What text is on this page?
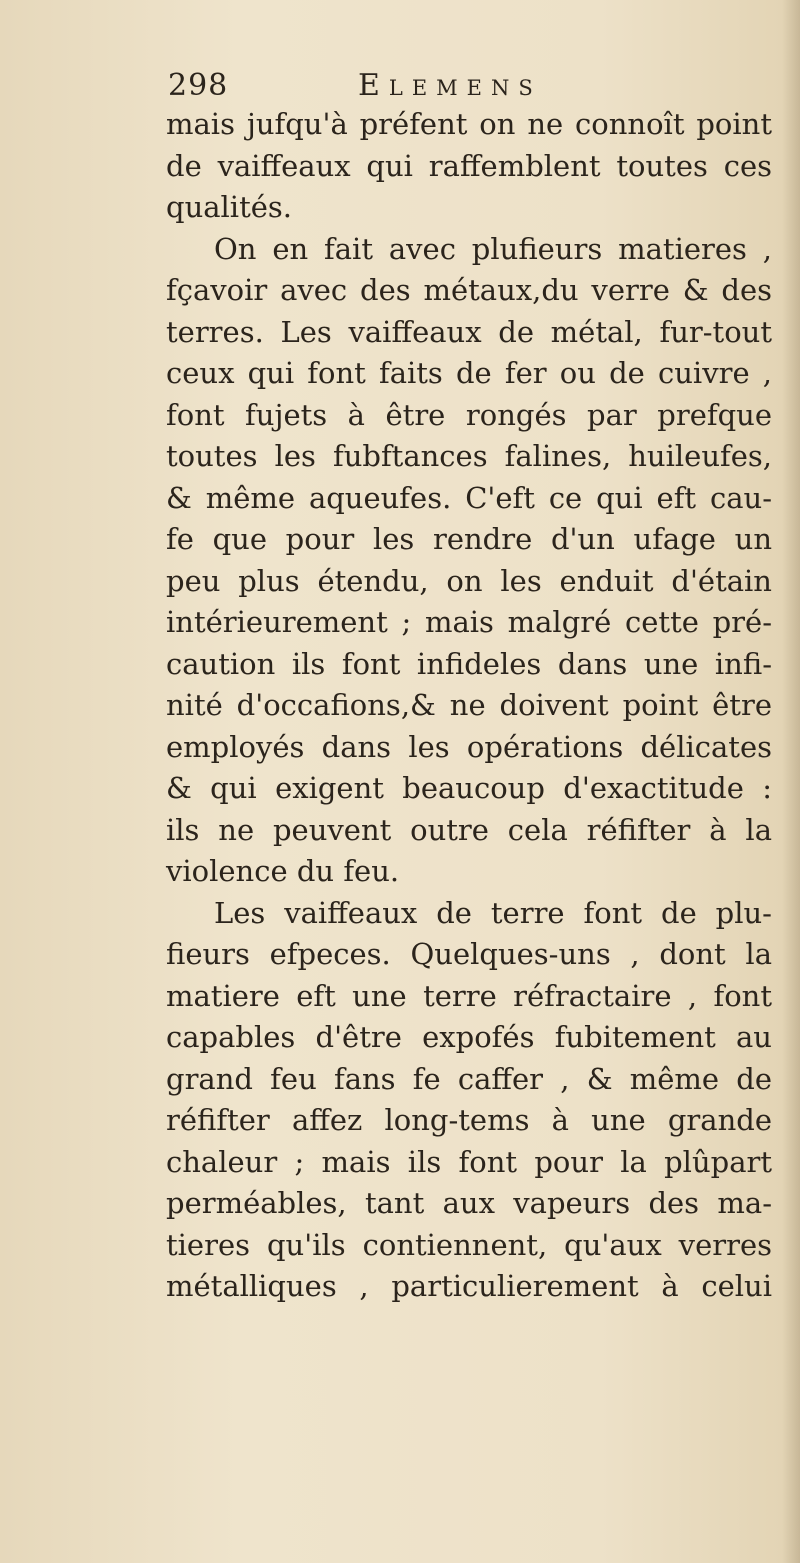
298	Elemens
mais jufqu'à préfent on ne connoît point
de vaiffeaux qui raffemblent toutes ces
qualités.
On en fait avec plufieurs matieres ,
fçavoir avec des métaux,du verre & des
terres. Les vaiffeaux de métal, fur-tout
ceux qui font faits de fer ou de cuivre ,
font fujets à être rongés par prefque
toutes les fubftances falines, huileufes,
& même aqueufes. C'eft ce qui eft cau-
fe que pour les rendre d'un ufage un
peu plus étendu, on les enduit d'étain
intérieurement ; mais malgré cette pré-
caution ils font infideles dans une infi-
nité d'occafions,& ne doivent point être
employés dans les opérations délicates
& qui exigent beaucoup d'exactitude :
ils ne peuvent outre cela réfifter à la
violence du feu.
Les vaiffeaux de terre font de plu-
fieurs efpeces. Quelques-uns , dont la
matiere eft une terre réfractaire , font
capables d'être expofés fubitement au
grand feu fans fe caffer , & même de
réfifter affez long-tems à une grande
chaleur ; mais ils font pour la plûpart
perméables, tant aux vapeurs des ma-
tieres qu'ils contiennent, qu'aux verres
métalliques , particulierement à celui
